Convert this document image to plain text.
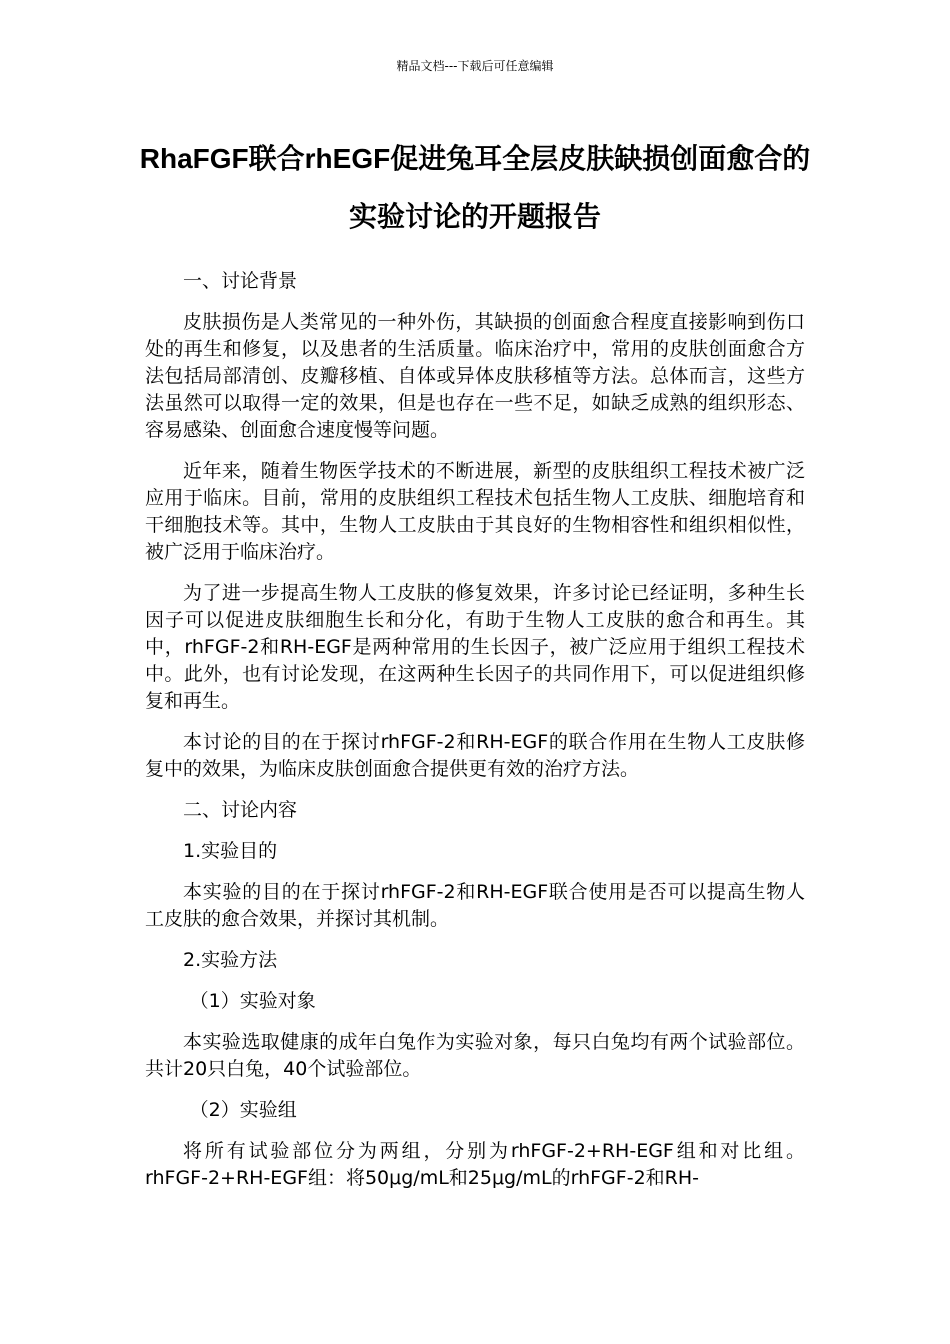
精品文档---下载后可任意编辑
RhaFGF联合rhEGF促进兔耳全层皮肤缺损创面愈合的实验讨论的开题报告

一、讨论背景

皮肤损伤是人类常见的一种外伤，其缺损的创面愈合程度直接影响到伤口处的再生和修复，以及患者的生活质量。临床治疗中，常用的皮肤创面愈合方法包括局部清创、皮瓣移植、自体或异体皮肤移植等方法。总体而言，这些方法虽然可以取得一定的效果，但是也存在一些不足，如缺乏成熟的组织形态、容易感染、创面愈合速度慢等问题。

近年来，随着生物医学技术的不断进展，新型的皮肤组织工程技术被广泛应用于临床。目前，常用的皮肤组织工程技术包括生物人工皮肤、细胞培育和干细胞技术等。其中，生物人工皮肤由于其良好的生物相容性和组织相似性，被广泛用于临床治疗。

为了进一步提高生物人工皮肤的修复效果，许多讨论已经证明，多种生长因子可以促进皮肤细胞生长和分化，有助于生物人工皮肤的愈合和再生。其中，rhFGF-2和RH-EGF是两种常用的生长因子，被广泛应用于组织工程技术中。此外，也有讨论发现，在这两种生长因子的共同作用下，可以促进组织修复和再生。

本讨论的目的在于探讨rhFGF-2和RH-EGF的联合作用在生物人工皮肤修复中的效果，为临床皮肤创面愈合提供更有效的治疗方法。

二、讨论内容

1.实验目的

本实验的目的在于探讨rhFGF-2和RH-EGF联合使用是否可以提高生物人工皮肤的愈合效果，并探讨其机制。

2.实验方法

（1）实验对象

本实验选取健康的成年白兔作为实验对象，每只白兔均有两个试验部位。共计20只白兔，40个试验部位。

（2）实验组

将所有试验部位分为两组，分别为rhFGF-2+RH-EGF组和对比组。rhFGF-2+RH-EGF组：将50μg/mL和25μg/mL的rhFGF-2和RH-
